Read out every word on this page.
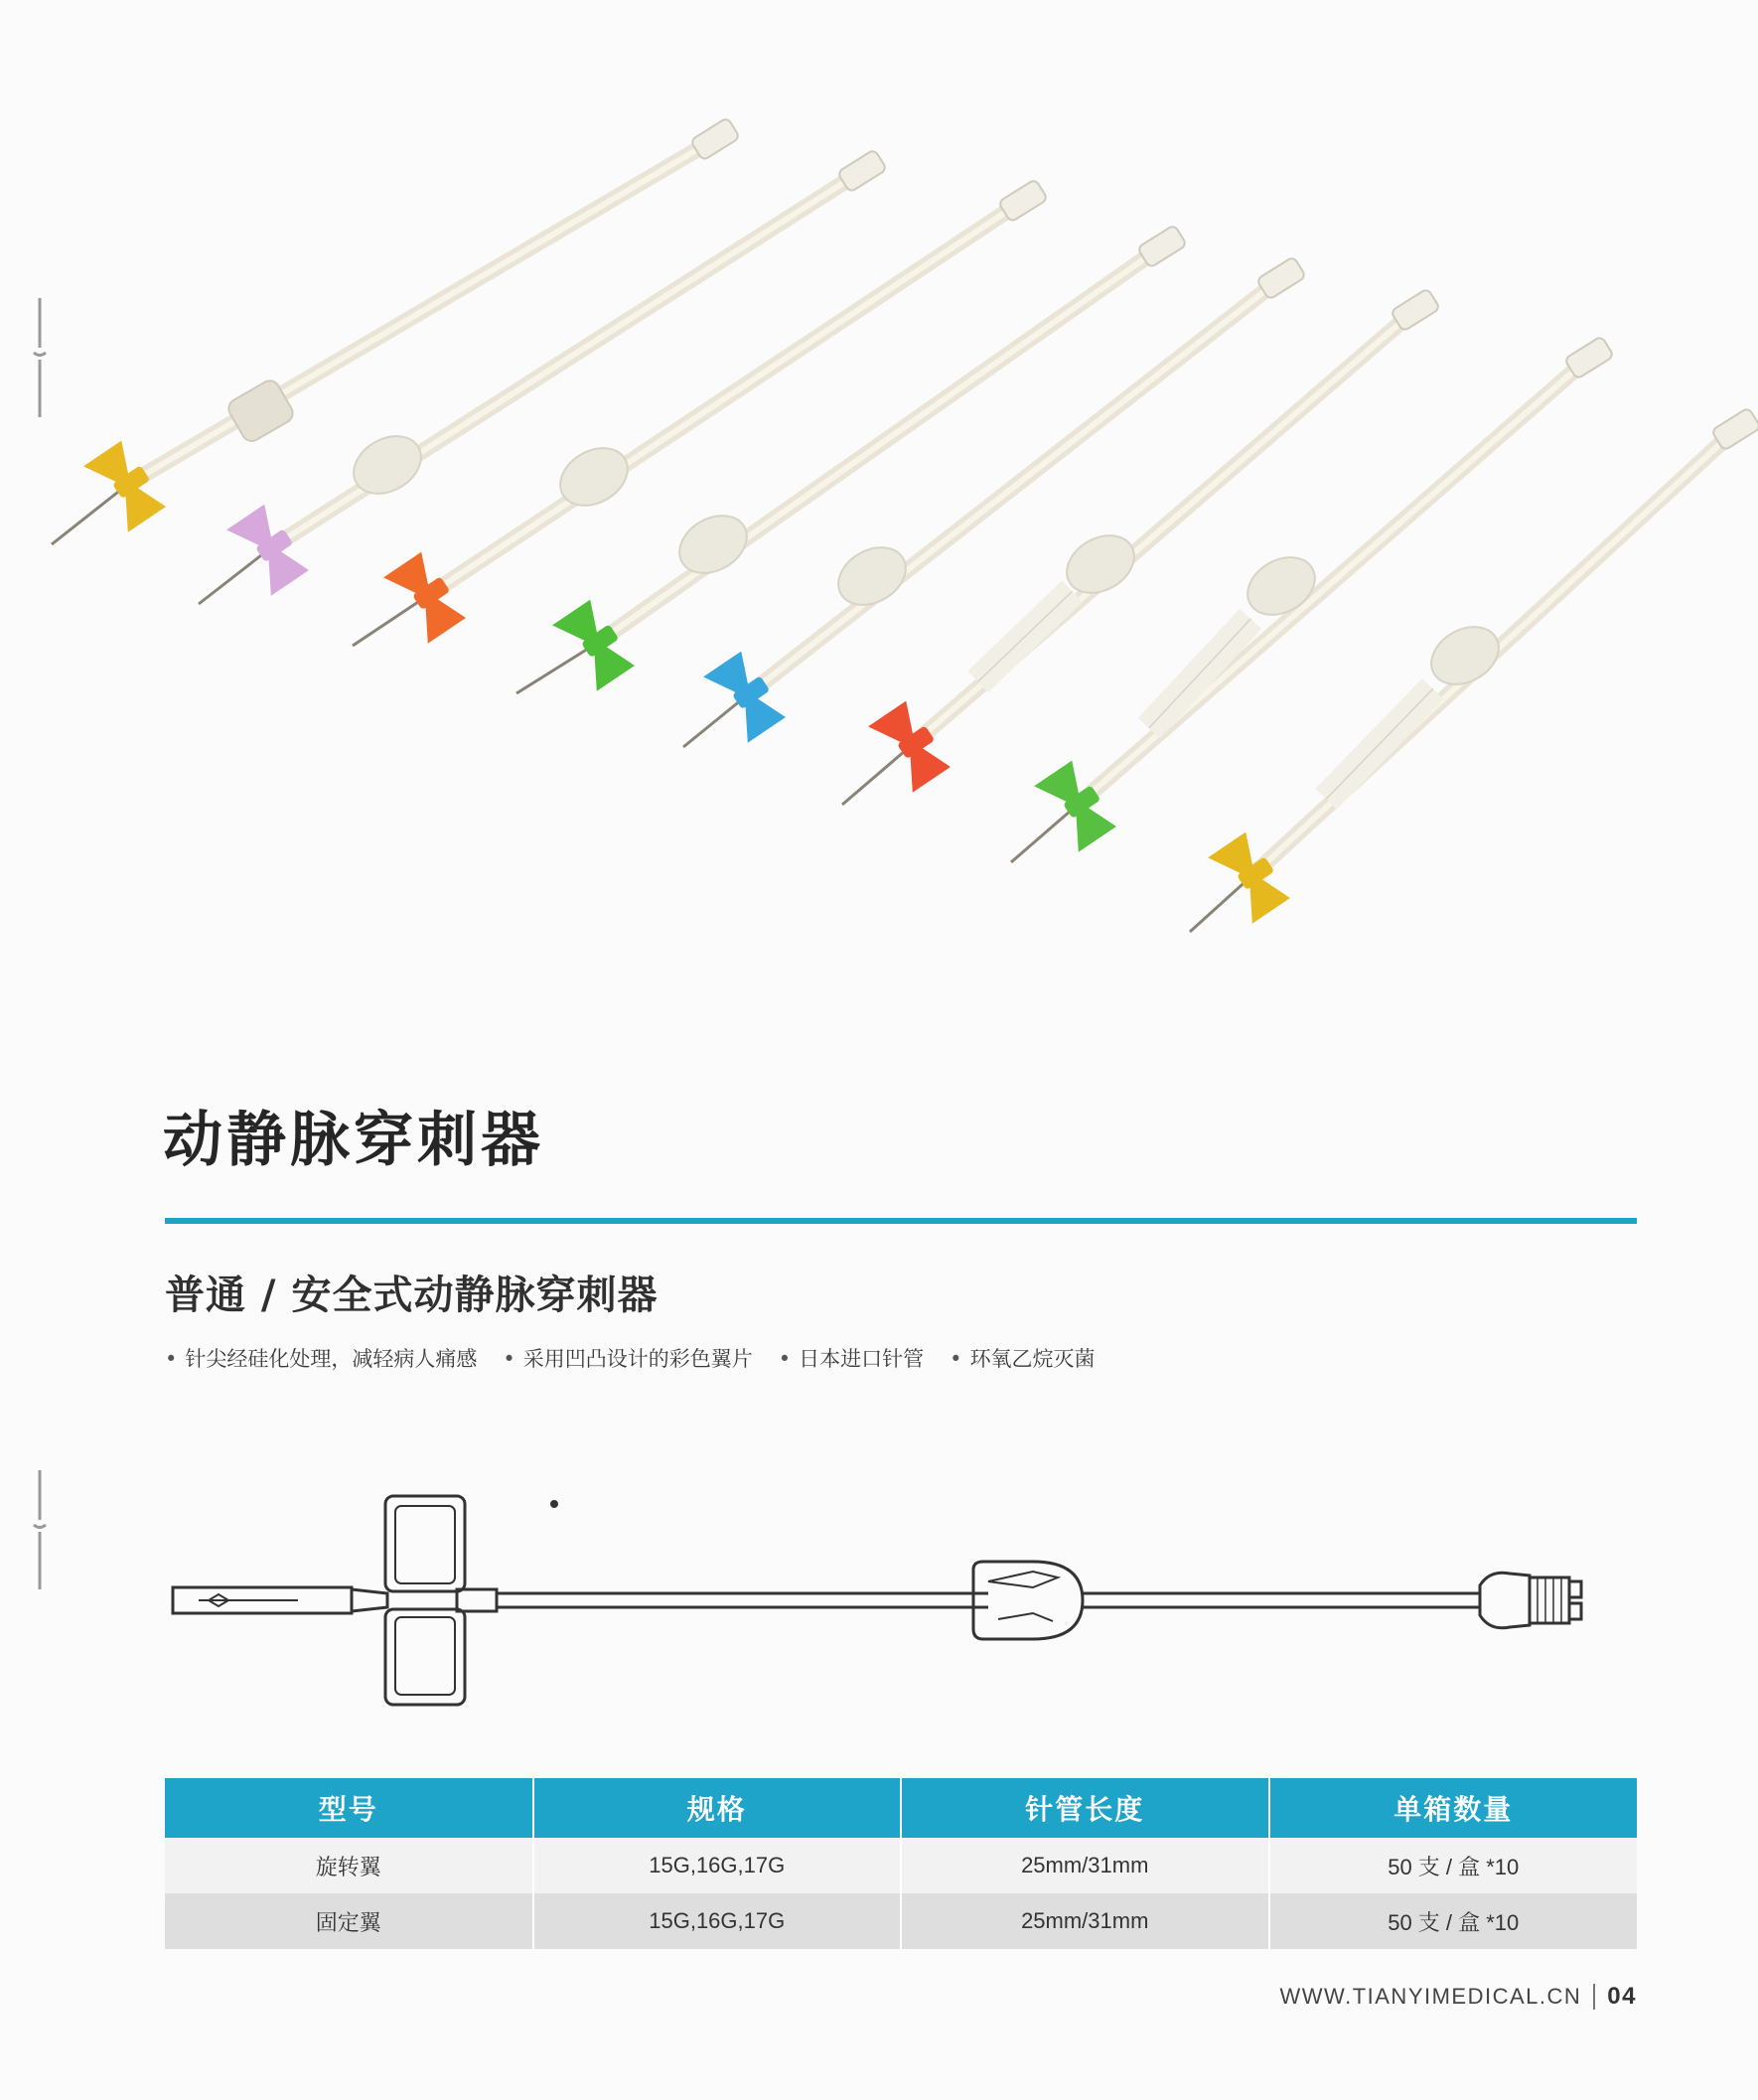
动静脉穿刺器
普通 / 安全式动静脉穿刺器
• 针尖经硅化处理，减轻病人痛感	• 采用凹凸设计的彩色翼片	• 日本进口针管	• 环氧乙烷灭菌
型号	规格	针管长度	单箱数量
旋转翼	15G,16G,17G	25mm/31mm	50 支 / 盒 *10
固定翼	15G,16G,17G	25mm/31mm	50 支 / 盒 *10
WWW.TIANYIMEDICAL.CN 04
